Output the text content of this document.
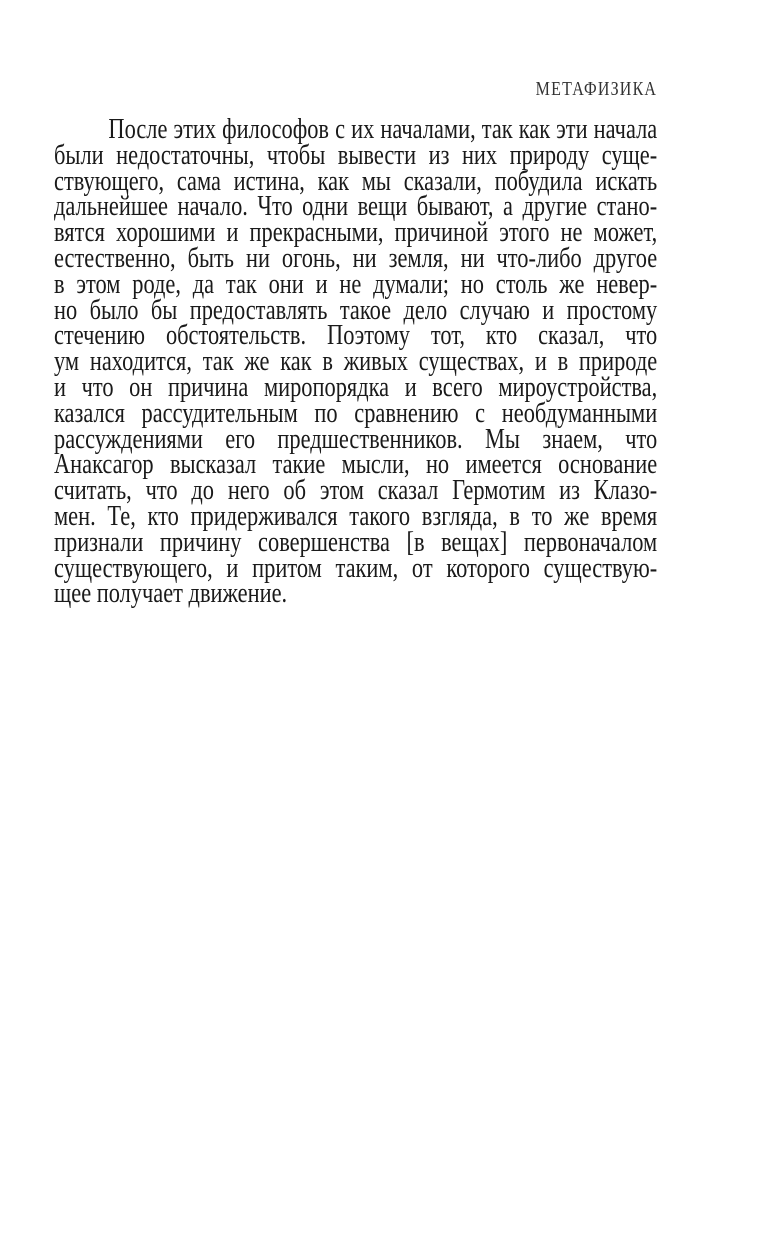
МЕТАФИЗИКА
После этих философов с их началами, так как эти начала
были недостаточны, чтобы вывести из них природу суще-
ствующего, сама истина, как мы сказали, побудила искать
дальнейшее начало. Что одни вещи бывают, а другие стано-
вятся хорошими и прекрасными, причиной этого не может,
естественно, быть ни огонь, ни земля, ни что-либо другое
в этом роде, да так они и не думали; но столь же невер-
но было бы предоставлять такое дело случаю и простому
стечению обстоятельств. Поэтому тот, кто сказал, что
ум находится, так же как в живых существах, и в природе
и что он причина миропорядка и всего мироустройства,
казался рассудительным по сравнению с необдуманными
рассуждениями его предшественников. Мы знаем, что
Анаксагор высказал такие мысли, но имеется основание
считать, что до него об этом сказал Гермотим из Клазо-
мен. Те, кто придерживался такого взгляда, в то же время
признали причину совершенства [в вещах] первоначалом
существующего, и притом таким, от которого существую-
щее получает движение.
